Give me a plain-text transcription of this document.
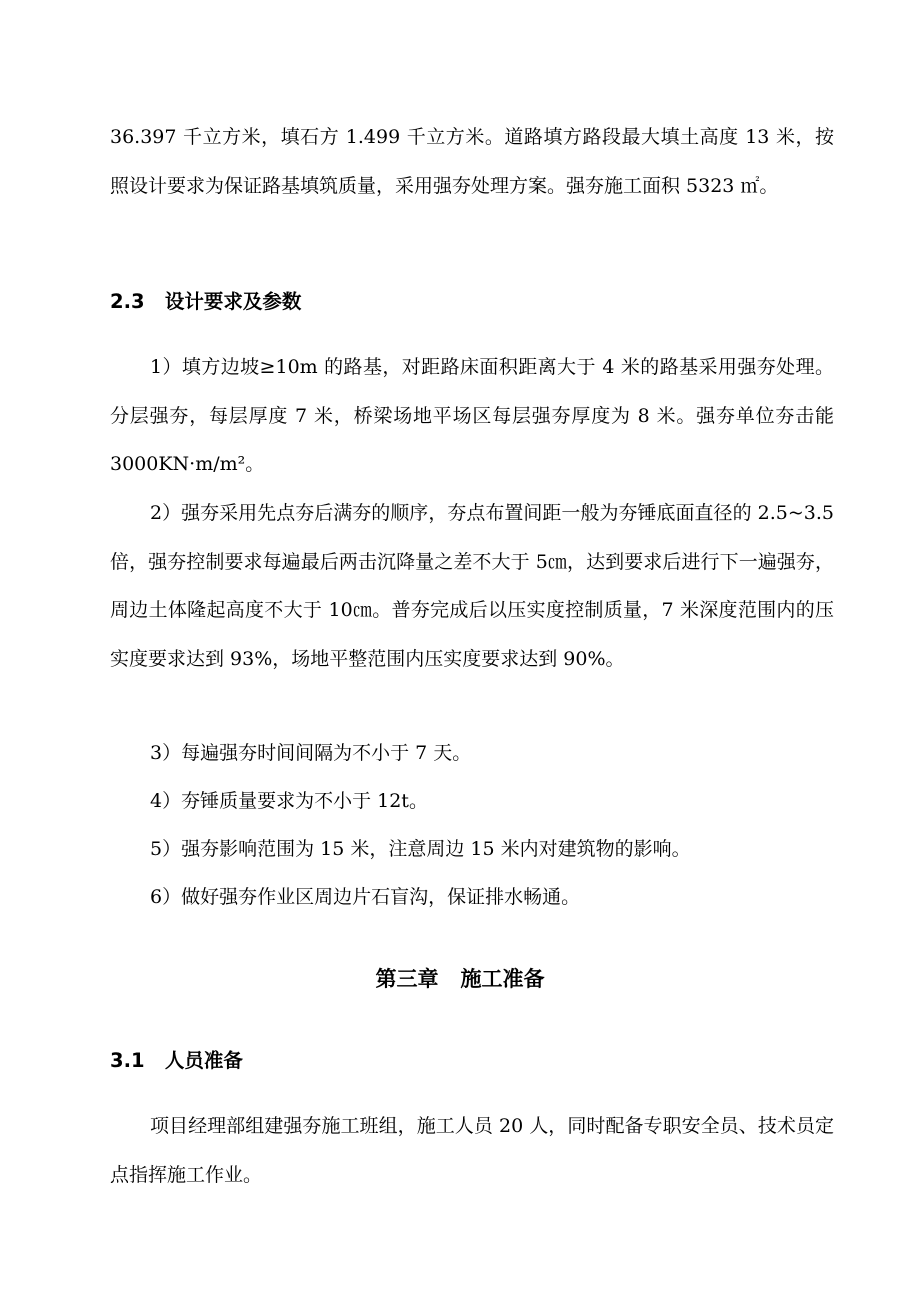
36.397 千立方米，填石方 1.499 千立方米。道路填方路段最大填土高度 13 米，按照设计要求为保证路基填筑质量，采用强夯处理方案。强夯施工面积 5323 ㎡。

2.3   设计要求及参数

1）填方边坡≥10m 的路基，对距路床面积距离大于 4 米的路基采用强夯处理。分层强夯，每层厚度 7 米，桥梁场地平场区每层强夯厚度为 8 米。强夯单位夯击能 3000KN·m/m²。

2）强夯采用先点夯后满夯的顺序，夯点布置间距一般为夯锤底面直径的 2.5~3.5 倍，强夯控制要求每遍最后两击沉降量之差不大于 5㎝，达到要求后进行下一遍强夯，周边土体隆起高度不大于 10㎝。普夯完成后以压实度控制质量，7 米深度范围内的压实度要求达到 93%，场地平整范围内压实度要求达到 90%。

3）每遍强夯时间间隔为不小于 7 天。

4）夯锤质量要求为不小于 12t。

5）强夯影响范围为 15 米，注意周边 15 米内对建筑物的影响。

6）做好强夯作业区周边片石盲沟，保证排水畅通。

第三章   施工准备

3.1   人员准备

项目经理部组建强夯施工班组，施工人员 20 人，同时配备专职安全员、技术员定点指挥施工作业。
